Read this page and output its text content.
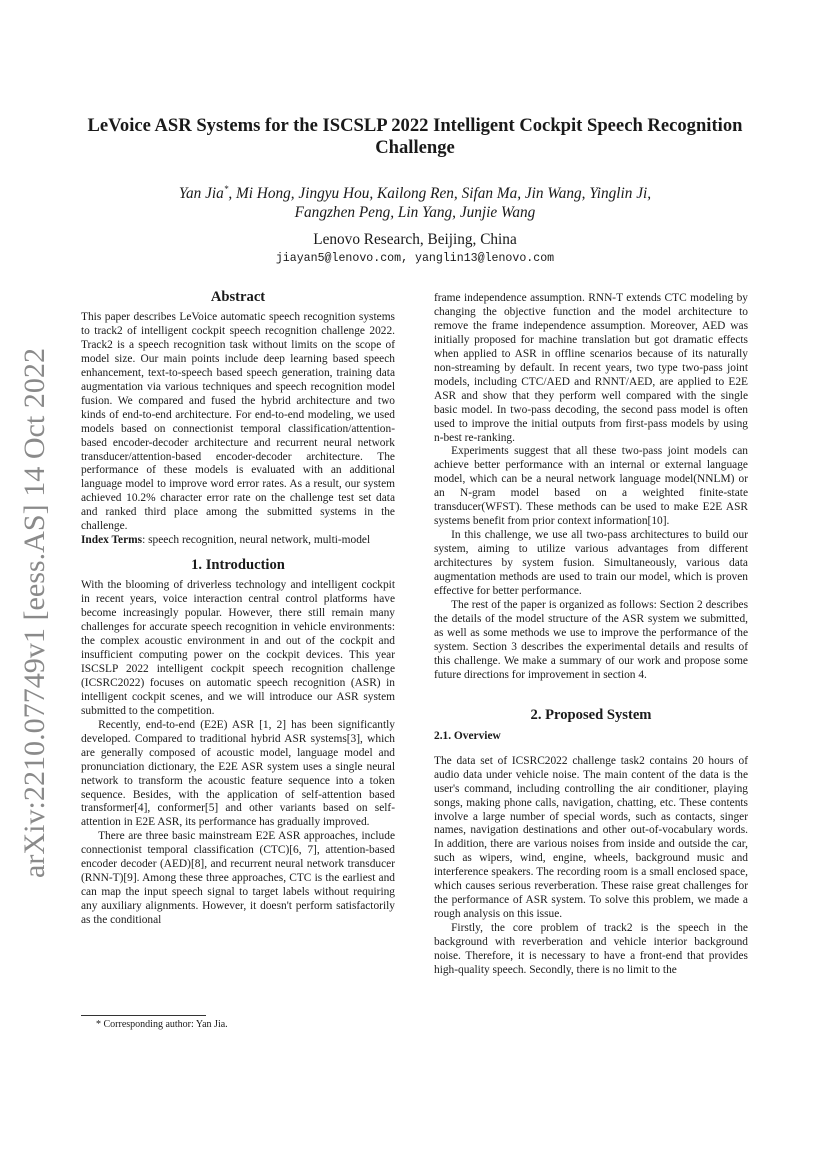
arXiv:2210.07749v1 [eess.AS] 14 Oct 2022
LeVoice ASR Systems for the ISCSLP 2022 Intelligent Cockpit Speech Recognition Challenge
Yan Jia*, Mi Hong, Jingyu Hou, Kailong Ren, Sifan Ma, Jin Wang, Yinglin Ji,
Fangzhen Peng, Lin Yang, Junjie Wang
Lenovo Research, Beijing, China
jiayan5@lenovo.com, yanglin13@lenovo.com
Abstract

This paper describes LeVoice automatic speech recognition systems to track2 of intelligent cockpit speech recognition challenge 2022. Track2 is a speech recognition task without limits on the scope of model size. Our main points include deep learning based speech enhancement, text-to-speech based speech generation, training data augmentation via various techniques and speech recognition model fusion. We compared and fused the hybrid architecture and two kinds of end-to-end architecture. For end-to-end modeling, we used models based on connectionist temporal classification/attention-based encoder-decoder architecture and recurrent neural network transducer/attention-based encoder-decoder architecture. The performance of these models is evaluated with an additional language model to improve word error rates. As a result, our system achieved 10.2% character error rate on the challenge test set data and ranked third place among the submitted systems in the challenge.

Index Terms: speech recognition, neural network, multi-model

1. Introduction

With the blooming of driverless technology and intelligent cockpit in recent years, voice interaction central control platforms have become increasingly popular. However, there still remain many challenges for accurate speech recognition in vehicle environments: the complex acoustic environment in and out of the cockpit and insufficient computing power on the cockpit devices. This year ISCSLP 2022 intelligent cockpit speech recognition challenge (ICSRC2022) focuses on automatic speech recognition (ASR) in intelligent cockpit scenes, and we will introduce our ASR system submitted to the competition.

Recently, end-to-end (E2E) ASR [1, 2] has been significantly developed. Compared to traditional hybrid ASR systems[3], which are generally composed of acoustic model, language model and pronunciation dictionary, the E2E ASR system uses a single neural network to transform the acoustic feature sequence into a token sequence. Besides, with the application of self-attention based transformer[4], conformer[5] and other variants based on self-attention in E2E ASR, its performance has gradually improved.

There are three basic mainstream E2E ASR approaches, include connectionist temporal classification (CTC)[6, 7], attention-based encoder decoder (AED)[8], and recurrent neural network transducer (RNN-T)[9]. Among these three approaches, CTC is the earliest and can map the input speech signal to target labels without requiring any auxiliary alignments. However, it doesn't perform satisfactorily as the conditional

frame independence assumption. RNN-T extends CTC modeling by changing the objective function and the model architecture to remove the frame independence assumption. Moreover, AED was initially proposed for machine translation but got dramatic effects when applied to ASR in offline scenarios because of its naturally non-streaming by default. In recent years, two type two-pass joint models, including CTC/AED and RNNT/AED, are applied to E2E ASR and show that they perform well compared with the single basic model. In two-pass decoding, the second pass model is often used to improve the initial outputs from first-pass models by using n-best re-ranking.

Experiments suggest that all these two-pass joint models can achieve better performance with an internal or external language model, which can be a neural network language model(NNLM) or an N-gram model based on a weighted finite-state transducer(WFST). These methods can be used to make E2E ASR systems benefit from prior context information[10].

In this challenge, we use all two-pass architectures to build our system, aiming to utilize various advantages from different architectures by system fusion. Simultaneously, various data augmentation methods are used to train our model, which is proven effective for better performance.

The rest of the paper is organized as follows: Section 2 describes the details of the model structure of the ASR system we submitted, as well as some methods we use to improve the performance of the system. Section 3 describes the experimental details and results of this challenge. We make a summary of our work and propose some future directions for improvement in section 4.

2. Proposed System
2.1. Overview

The data set of ICSRC2022 challenge task2 contains 20 hours of audio data under vehicle noise. The main content of the data is the user's command, including controlling the air conditioner, playing songs, making phone calls, navigation, chatting, etc. These contents involve a large number of special words, such as contacts, singer names, navigation destinations and other out-of-vocabulary words. In addition, there are various noises from inside and outside the car, such as wipers, wind, engine, wheels, background music and interference speakers. The recording room is a small enclosed space, which causes serious reverberation. These raise great challenges for the performance of ASR system. To solve this problem, we made a rough analysis on this issue.

Firstly, the core problem of track2 is the speech in the background with reverberation and vehicle interior background noise. Therefore, it is necessary to have a front-end that provides high-quality speech. Secondly, there is no limit to the

* Corresponding author: Yan Jia.
